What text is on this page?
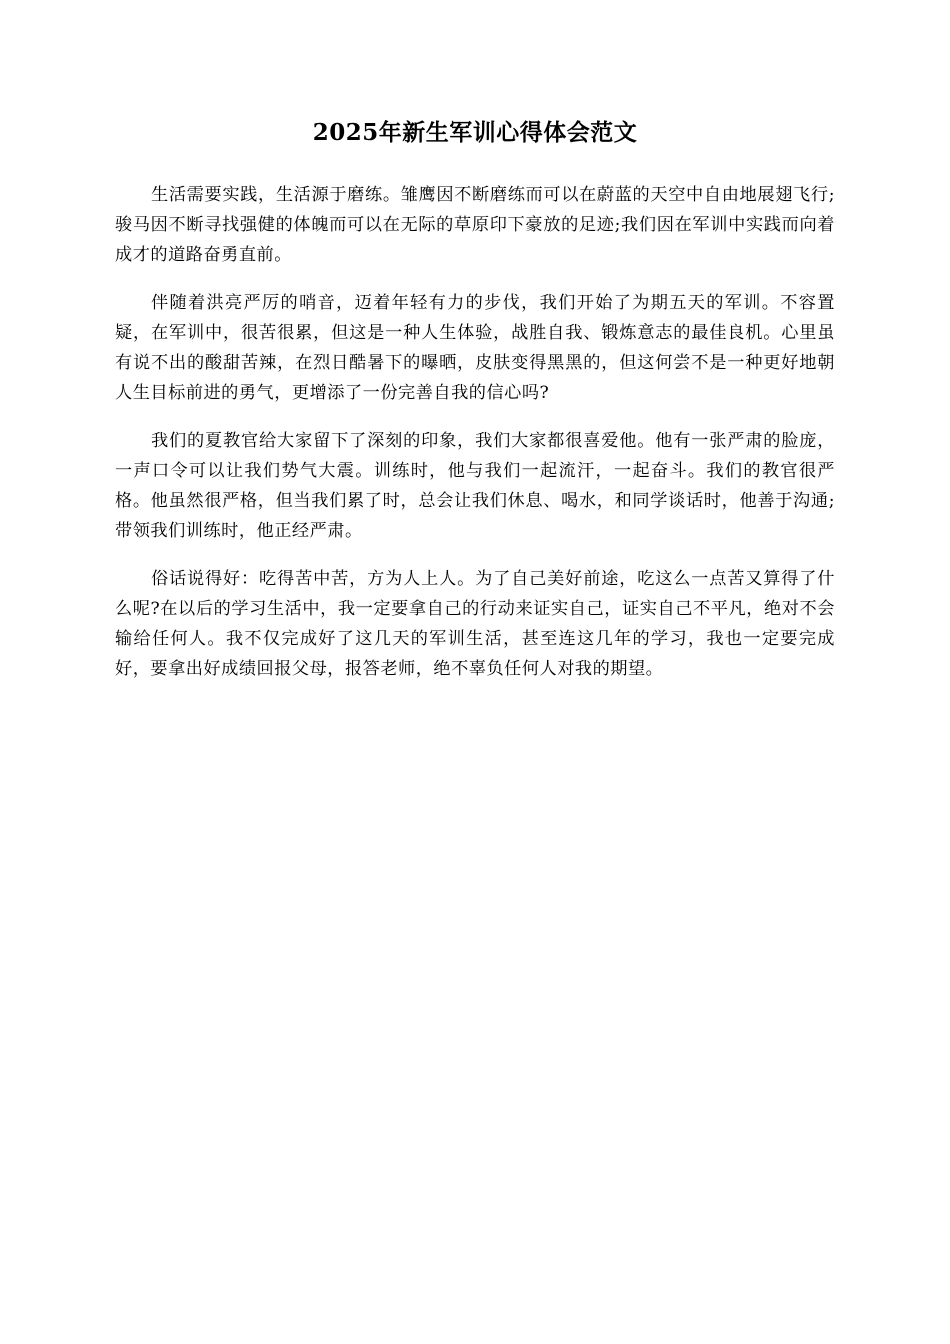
2025年新生军训心得体会范文

生活需要实践，生活源于磨练。雏鹰因不断磨练而可以在蔚蓝的天空中自由地展翅飞行;骏马因不断寻找强健的体魄而可以在无际的草原印下豪放的足迹;我们因在军训中实践而向着成才的道路奋勇直前。

伴随着洪亮严厉的哨音，迈着年轻有力的步伐，我们开始了为期五天的军训。不容置疑，在军训中，很苦很累，但这是一种人生体验，战胜自我、锻炼意志的最佳良机。心里虽有说不出的酸甜苦辣，在烈日酷暑下的曝晒，皮肤变得黑黑的，但这何尝不是一种更好地朝人生目标前进的勇气，更增添了一份完善自我的信心吗?

我们的夏教官给大家留下了深刻的印象，我们大家都很喜爱他。他有一张严肃的脸庞，一声口令可以让我们势气大震。训练时，他与我们一起流汗，一起奋斗。我们的教官很严格。他虽然很严格，但当我们累了时，总会让我们休息、喝水，和同学谈话时，他善于沟通;带领我们训练时，他正经严肃。

俗话说得好：吃得苦中苦，方为人上人。为了自己美好前途，吃这么一点苦又算得了什么呢?在以后的学习生活中，我一定要拿自己的行动来证实自己，证实自己不平凡，绝对不会输给任何人。我不仅完成好了这几天的军训生活，甚至连这几年的学习，我也一定要完成好，要拿出好成绩回报父母，报答老师，绝不辜负任何人对我的期望。
